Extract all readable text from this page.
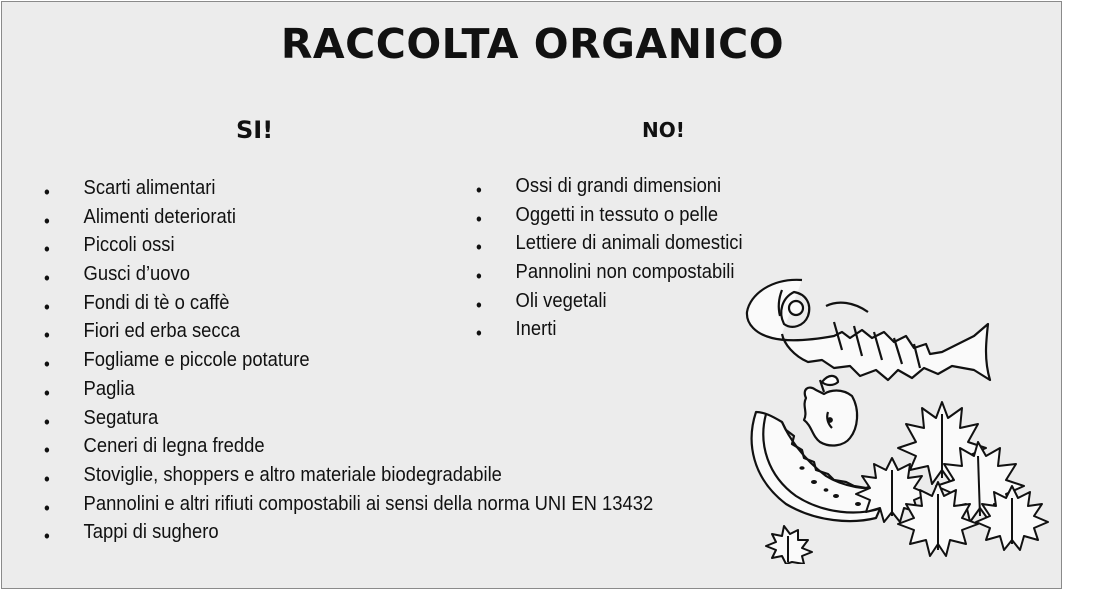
RACCOLTA ORGANICO
SI!	NO!
• Scarti alimentari
• Alimenti deteriorati
• Piccoli ossi
• Gusci d’uovo
• Fondi di tè o caffè
• Fiori ed erba secca
• Fogliame e piccole potature
• Paglia
• Segatura
• Ceneri di legna fredde
• Stoviglie, shoppers e altro materiale biodegradabile
• Pannolini e altri rifiuti compostabili ai sensi della norma UNI EN 13432
• Tappi di sughero
• Ossi di grandi dimensioni
• Oggetti in tessuto o pelle
• Lettiere di animali domestici
• Pannolini non compostabili
• Oli vegetali
• Inerti
